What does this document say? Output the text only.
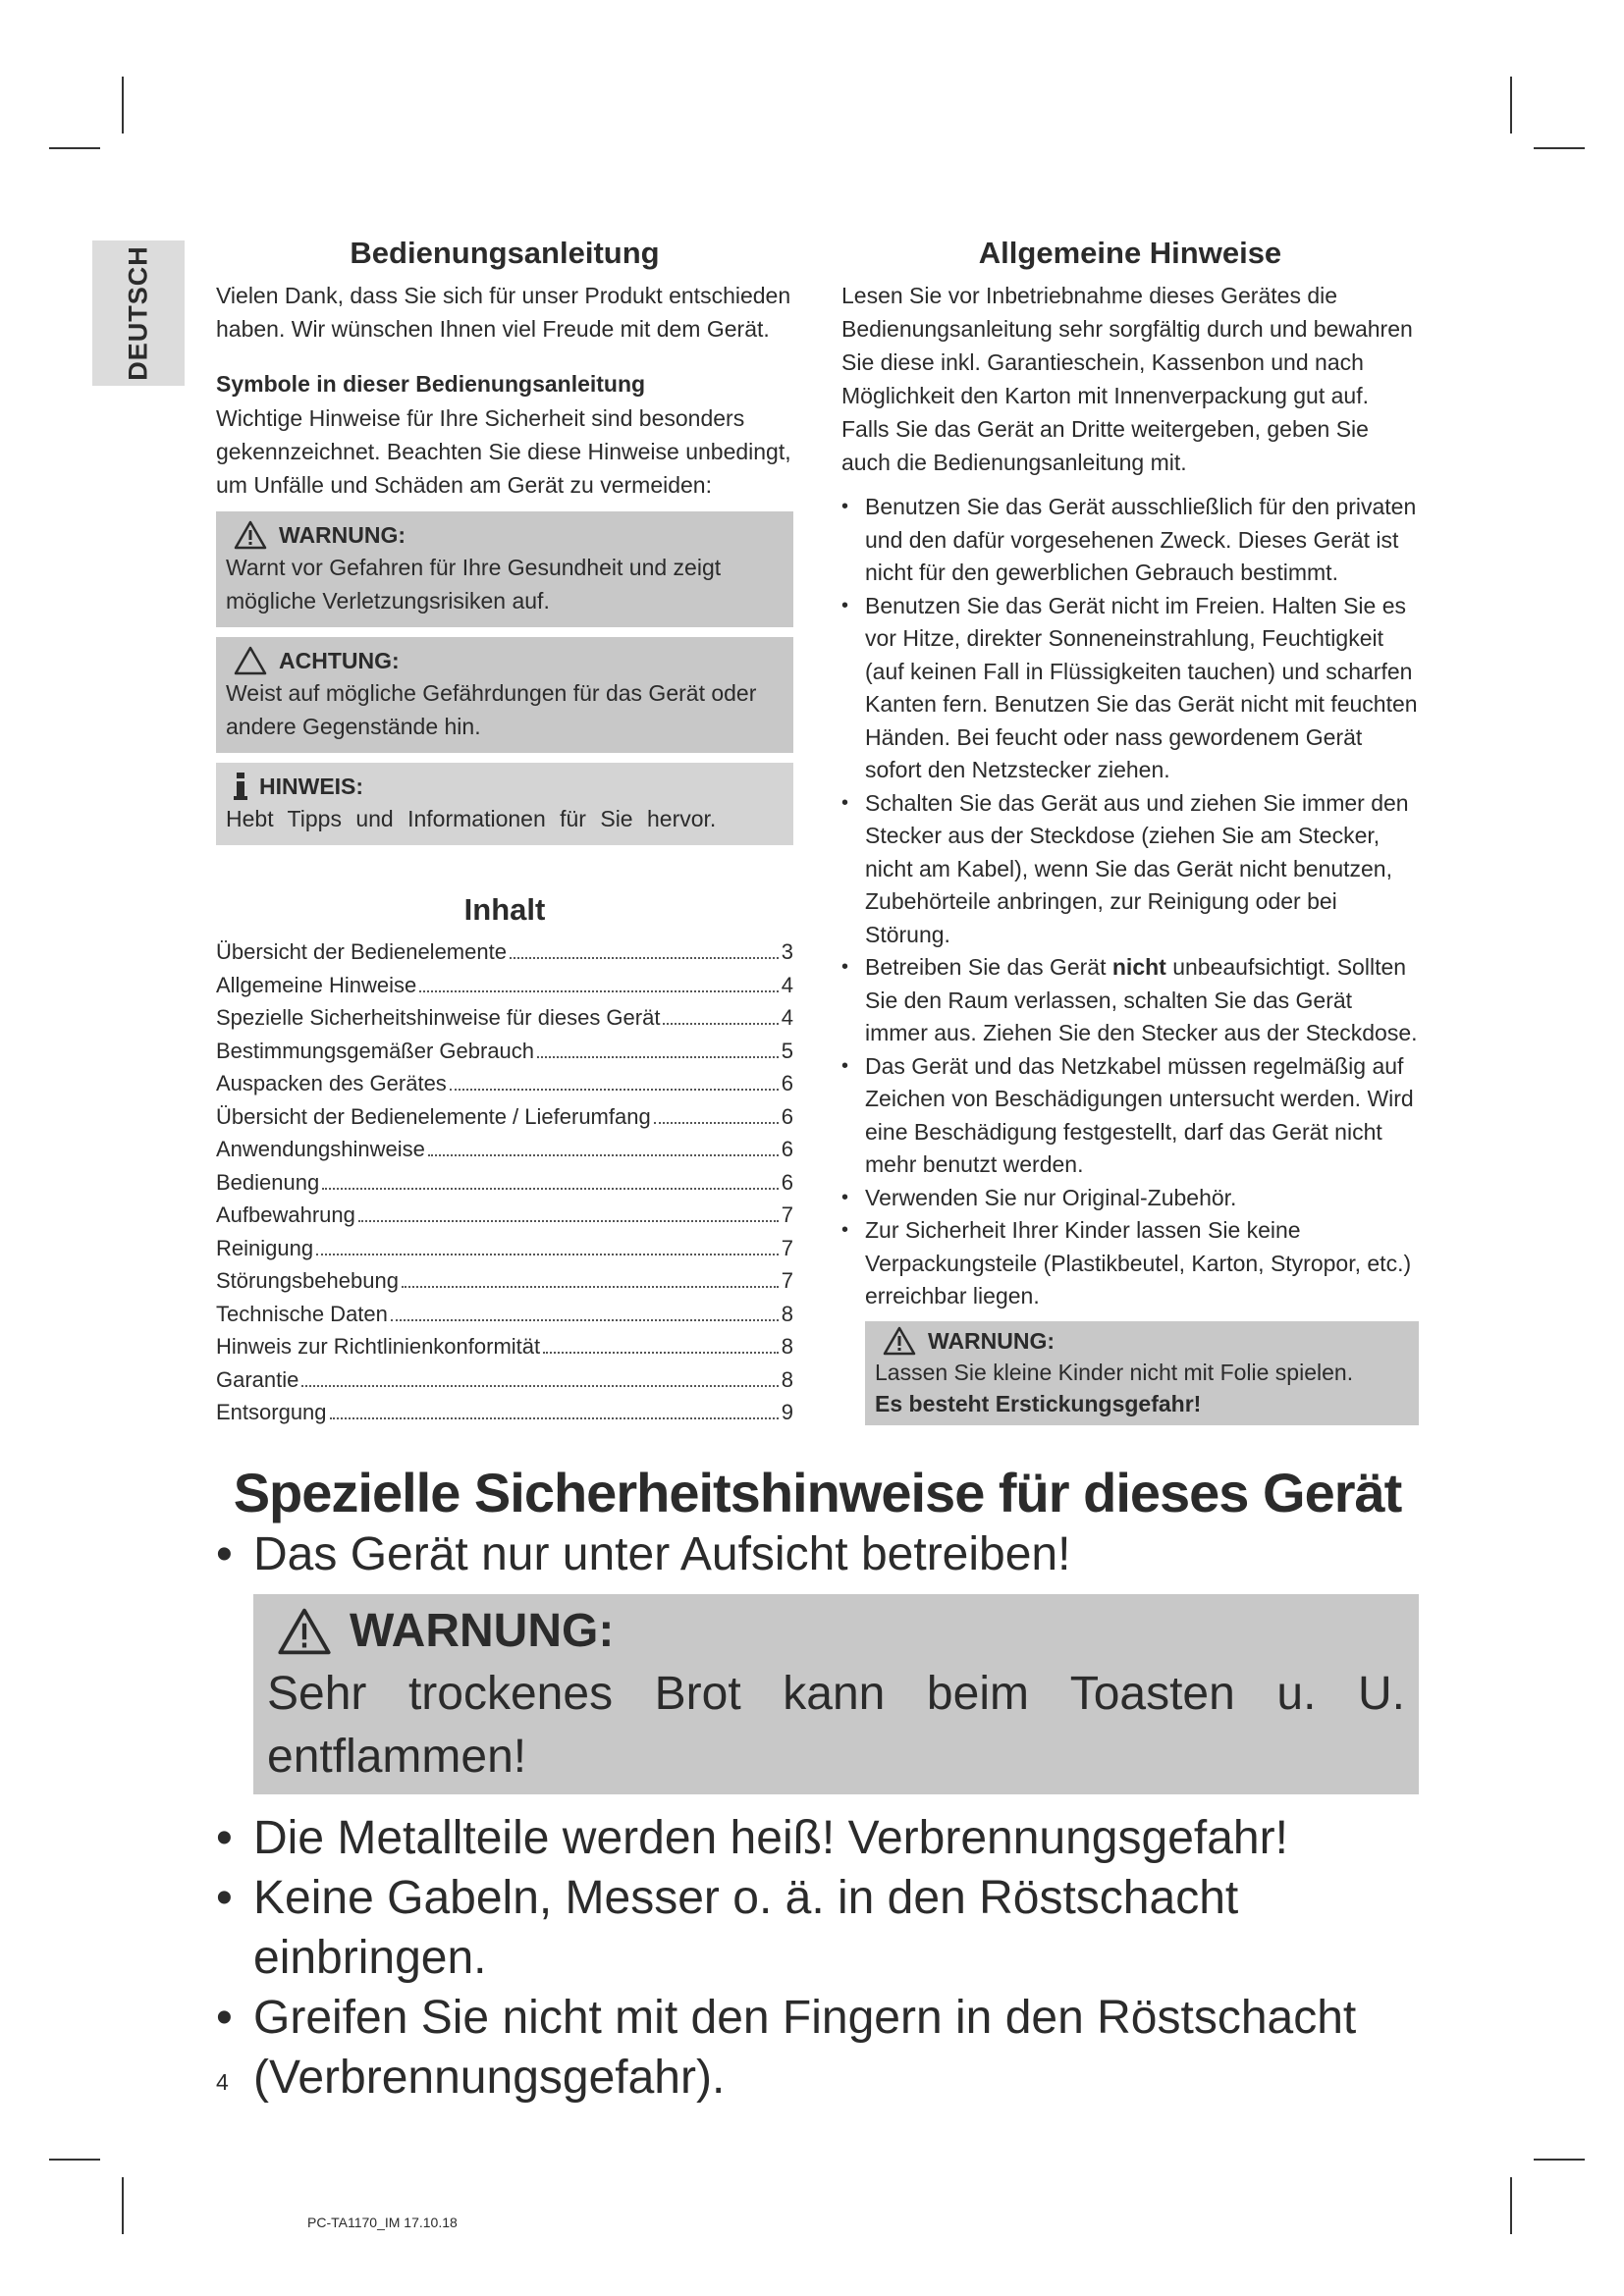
DEUTSCH	Bedienungsanleitung

Vielen Dank, dass Sie sich für unser Produkt entschieden haben. Wir wünschen Ihnen viel Freude mit dem Gerät.

Symbole in dieser Bedienungsanleitung

Wichtige Hinweise für Ihre Sicherheit sind besonders gekennzeichnet. Beachten Sie diese Hinweise unbedingt, um Unfälle und Schäden am Gerät zu vermeiden:

WARNUNG:
Warnt vor Gefahren für Ihre Gesundheit und zeigt mögliche Verletzungsrisiken auf.
ACHTUNG:
Weist auf mögliche Gefährdungen für das Gerät oder andere Gegenstände hin.
HINWEIS:
Hebt Tipps und Informationen für Sie hervor.
Inhalt
Übersicht der Bedienelemente	3
Allgemeine Hinweise	4
Spezielle Sicherheitshinweise für dieses Gerät	4
Bestimmungsgemäßer Gebrauch	5
Auspacken des Gerätes	6
Übersicht der Bedienelemente / Lieferumfang	6
Anwendungshinweise	6
Bedienung	6
Aufbewahrung	7
Reinigung	7
Störungsbehebung	7
Technische Daten	8
Hinweis zur Richtlinienkonformität	8
Garantie	8
Entsorgung	9
Allgemeine Hinweise

Lesen Sie vor Inbetriebnahme dieses Gerätes die Bedienungsanleitung sehr sorgfältig durch und bewahren Sie diese inkl. Garantieschein, Kassenbon und nach Möglichkeit den Karton mit Innenverpackung gut auf. Falls Sie das Gerät an Dritte weitergeben, geben Sie auch die Bedienungsanleitung mit.

• Benutzen Sie das Gerät ausschließlich für den privaten und den dafür vorgesehenen Zweck. Dieses Gerät ist nicht für den gewerblichen Gebrauch bestimmt.
• Benutzen Sie das Gerät nicht im Freien. Halten Sie es vor Hitze, direkter Sonneneinstrahlung, Feuchtigkeit (auf keinen Fall in Flüssigkeiten tauchen) und scharfen Kanten fern. Benutzen Sie das Gerät nicht mit feuchten Händen. Bei feucht oder nass gewordenem Gerät sofort den Netzstecker ziehen.
• Schalten Sie das Gerät aus und ziehen Sie immer den Stecker aus der Steckdose (ziehen Sie am Stecker, nicht am Kabel), wenn Sie das Gerät nicht benutzen, Zubehörteile anbringen, zur Reinigung oder bei Störung.
• Betreiben Sie das Gerät nicht unbeaufsichtigt. Sollten Sie den Raum verlassen, schalten Sie das Gerät immer aus. Ziehen Sie den Stecker aus der Steckdose.
• Das Gerät und das Netzkabel müssen regelmäßig auf Zeichen von Beschädigungen untersucht werden. Wird eine Beschädigung festgestellt, darf das Gerät nicht mehr benutzt werden.
• Verwenden Sie nur Original-Zubehör.
• Zur Sicherheit Ihrer Kinder lassen Sie keine Verpackungsteile (Plastikbeutel, Karton, Styropor, etc.) erreichbar liegen.
WARNUNG:
Lassen Sie kleine Kinder nicht mit Folie spielen.
Es besteht Erstickungsgefahr!
Spezielle Sicherheitshinweise für dieses Gerät
• Das Gerät nur unter Aufsicht betreiben!
WARNUNG:
Sehr trockenes Brot kann beim Toasten u. U. entflammen!
• Die Metallteile werden heiß! Verbrennungsgefahr!
• Keine Gabeln, Messer o. ä. in den Röstschacht einbringen.
• Greifen Sie nicht mit den Fingern in den Röstschacht (Verbrennungsgefahr).
4
PC-TA1170_IM 17.10.18
